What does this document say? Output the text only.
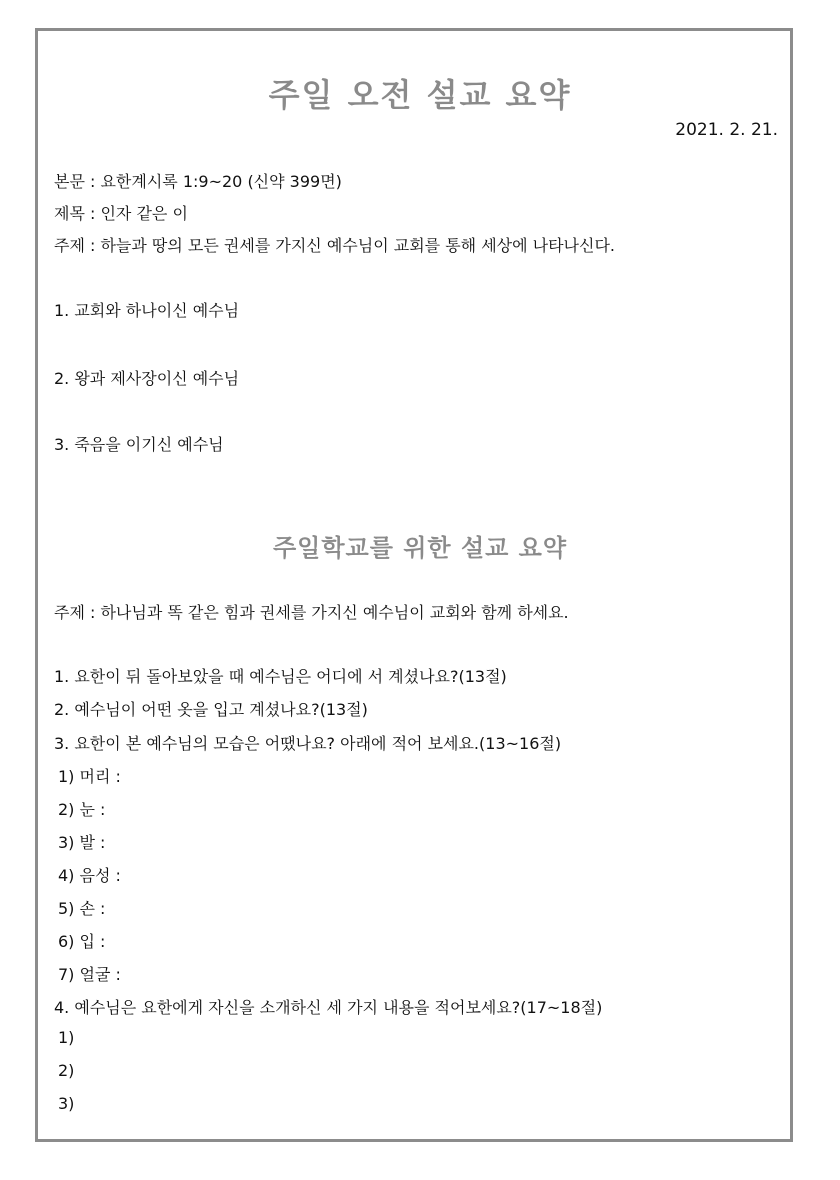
주일 오전 설교 요약
2021. 2. 21.
본문 : 요한계시록 1:9~20 (신약 399면)
제목 : 인자 같은 이
주제 : 하늘과 땅의 모든 권세를 가지신 예수님이 교회를 통해 세상에 나타나신다.
1. 교회와 하나이신 예수님
2. 왕과 제사장이신 예수님
3. 죽음을 이기신 예수님
주일학교를 위한 설교 요약
주제 : 하나님과 똑 같은 힘과 권세를 가지신 예수님이 교회와 함께 하세요.
1. 요한이 뒤 돌아보았을 때 예수님은 어디에 서 계셨나요?(13절)
2. 예수님이 어떤 옷을 입고 계셨나요?(13절)
3. 요한이 본 예수님의 모습은 어땠나요? 아래에 적어 보세요.(13~16절)
1) 머리 :
2) 눈 :
3) 발 :
4) 음성 :
5) 손 :
6) 입 :
7) 얼굴 :
4. 예수님은 요한에게 자신을 소개하신 세 가지 내용을 적어보세요?(17~18절)
1)
2)
3)
